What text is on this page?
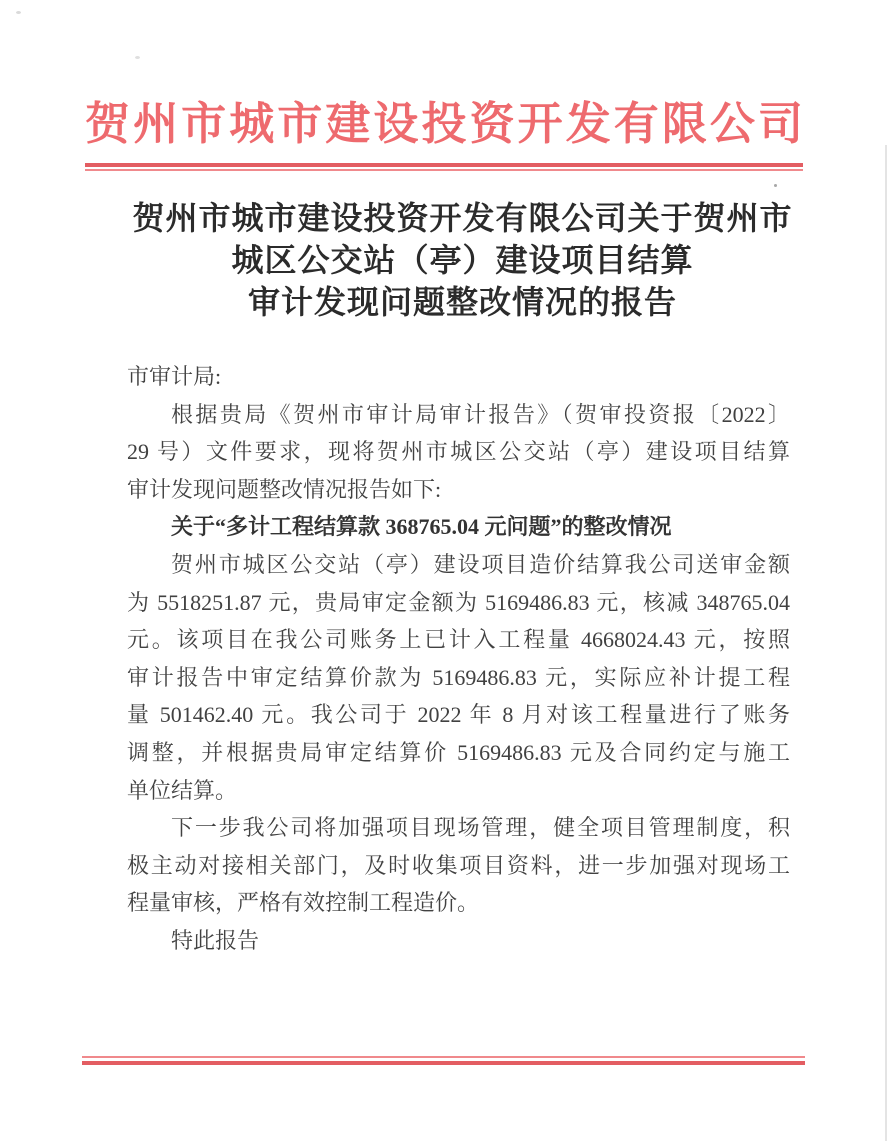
贺州市城市建设投资开发有限公司
贺州市城市建设投资开发有限公司关于贺州市
城区公交站（亭）建设项目结算
审计发现问题整改情况的报告
市审计局:
根据贵局《贺州市审计局审计报告》（贺审投资报〔2022〕
29 号）文件要求，现将贺州市城区公交站（亭）建设项目结算
审计发现问题整改情况报告如下:
关于“多计工程结算款 368765.04 元问题”的整改情况
贺州市城区公交站（亭）建设项目造价结算我公司送审金额
为 5518251.87 元，贵局审定金额为 5169486.83 元，核减 348765.04
元。该项目在我公司账务上已计入工程量 4668024.43 元，按照
审计报告中审定结算价款为 5169486.83 元，实际应补计提工程
量 501462.40 元。我公司于 2022 年 8 月对该工程量进行了账务
调整，并根据贵局审定结算价 5169486.83 元及合同约定与施工
单位结算。
下一步我公司将加强项目现场管理，健全项目管理制度，积
极主动对接相关部门，及时收集项目资料，进一步加强对现场工
程量审核，严格有效控制工程造价。
特此报告
